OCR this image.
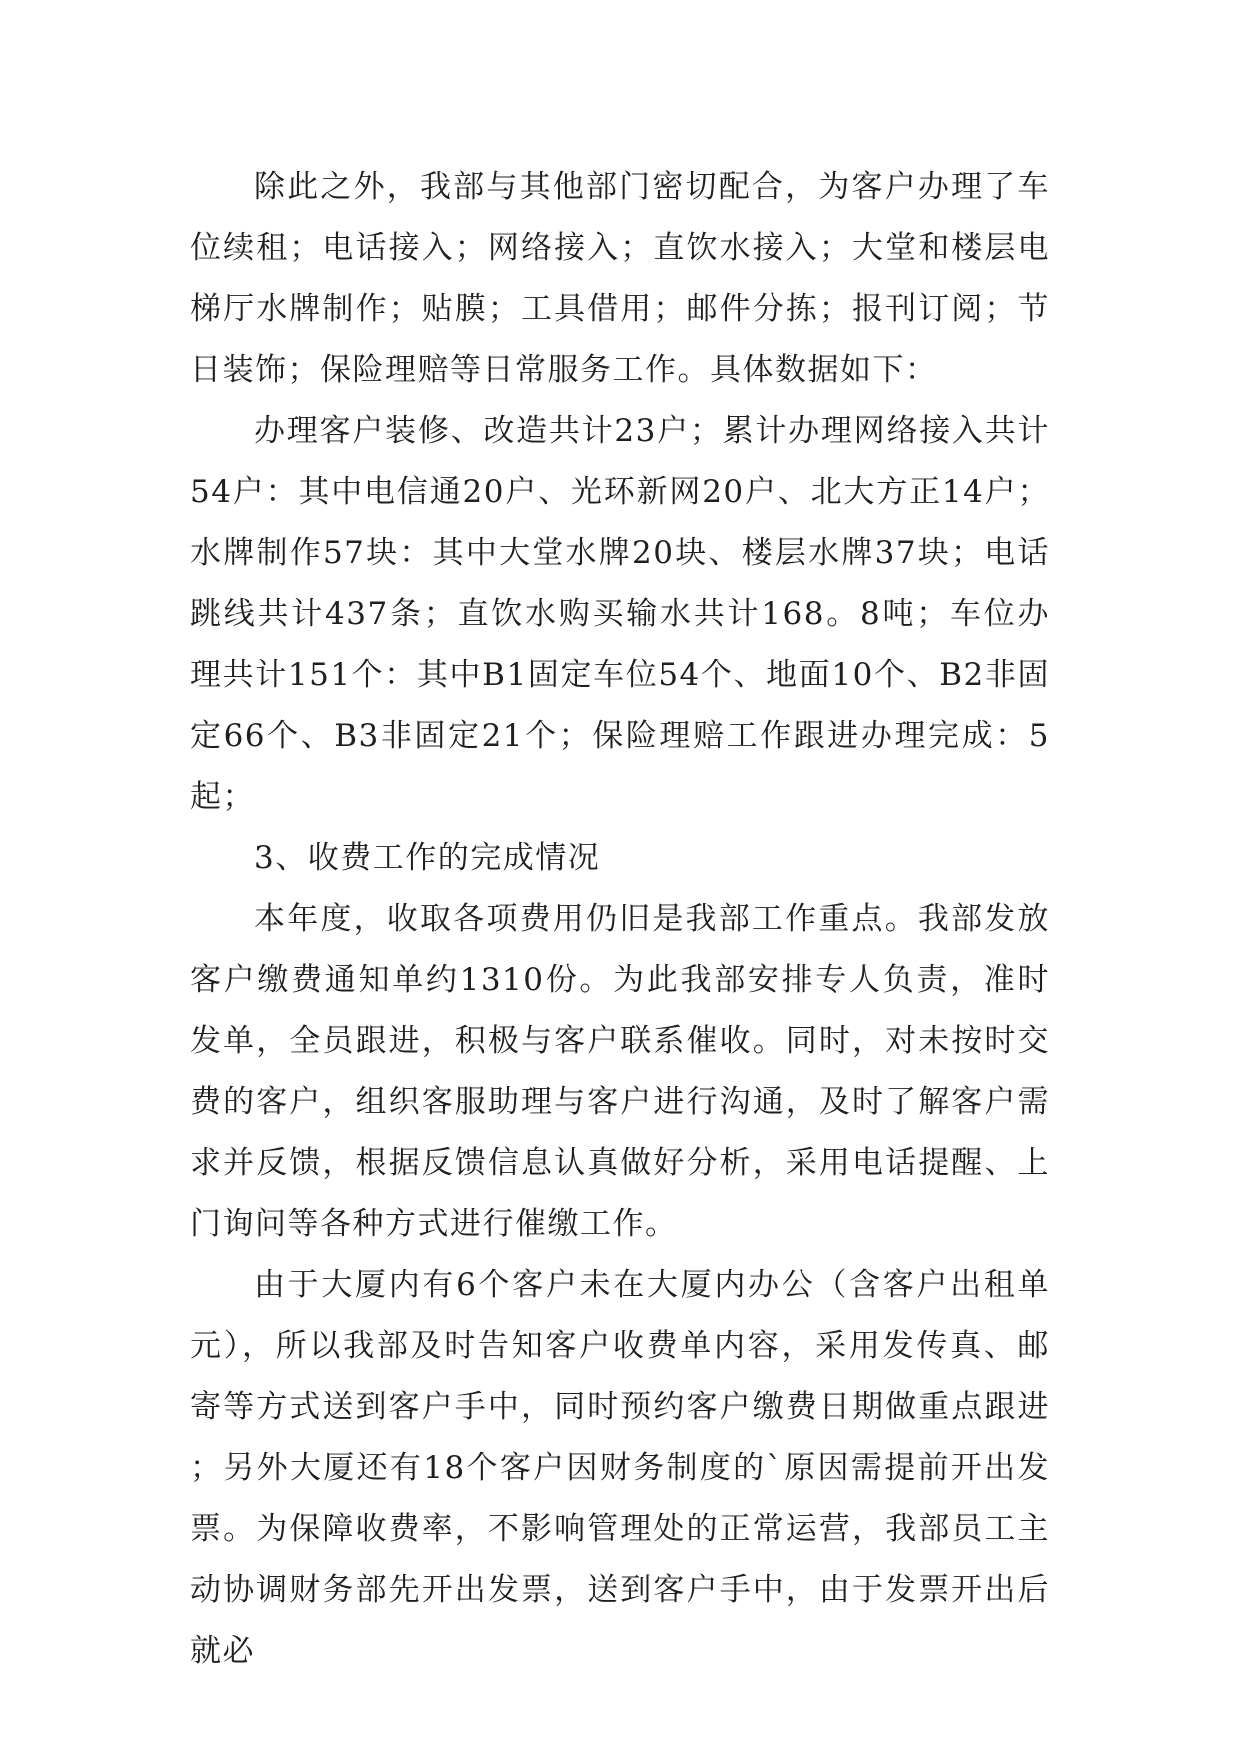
除此之外，我部与其他部门密切配合，为客户办理了车位续租；电话接入；网络接入；直饮水接入；大堂和楼层电梯厅水牌制作；贴膜；工具借用；邮件分拣；报刊订阅；节日装饰；保险理赔等日常服务工作。具体数据如下：

办理客户装修、改造共计23户；累计办理网络接入共计54户：其中电信通20户、光环新网20户、北大方正14户；水牌制作57块：其中大堂水牌20块、楼层水牌37块；电话跳线共计437条；直饮水购买输水共计168。8吨；车位办理共计151个：其中B1固定车位54个、地面10个、B2非固定66个、B3非固定21个；保险理赔工作跟进办理完成：5起；

3、收费工作的完成情况

本年度，收取各项费用仍旧是我部工作重点。我部发放客户缴费通知单约1310份。为此我部安排专人负责，准时发单，全员跟进，积极与客户联系催收。同时，对未按时交费的客户，组织客服助理与客户进行沟通，及时了解客户需求并反馈，根据反馈信息认真做好分析，采用电话提醒、上门询问等各种方式进行催缴工作。

由于大厦内有6个客户未在大厦内办公（含客户出租单元），所以我部及时告知客户收费单内容，采用发传真、邮寄等方式送到客户手中，同时预约客户缴费日期做重点跟进；另外大厦还有18个客户因财务制度的`原因需提前开出发票。为保障收费率，不影响管理处的正常运营，我部员工主动协调财务部先开出发票，送到客户手中，由于发票开出后就必
